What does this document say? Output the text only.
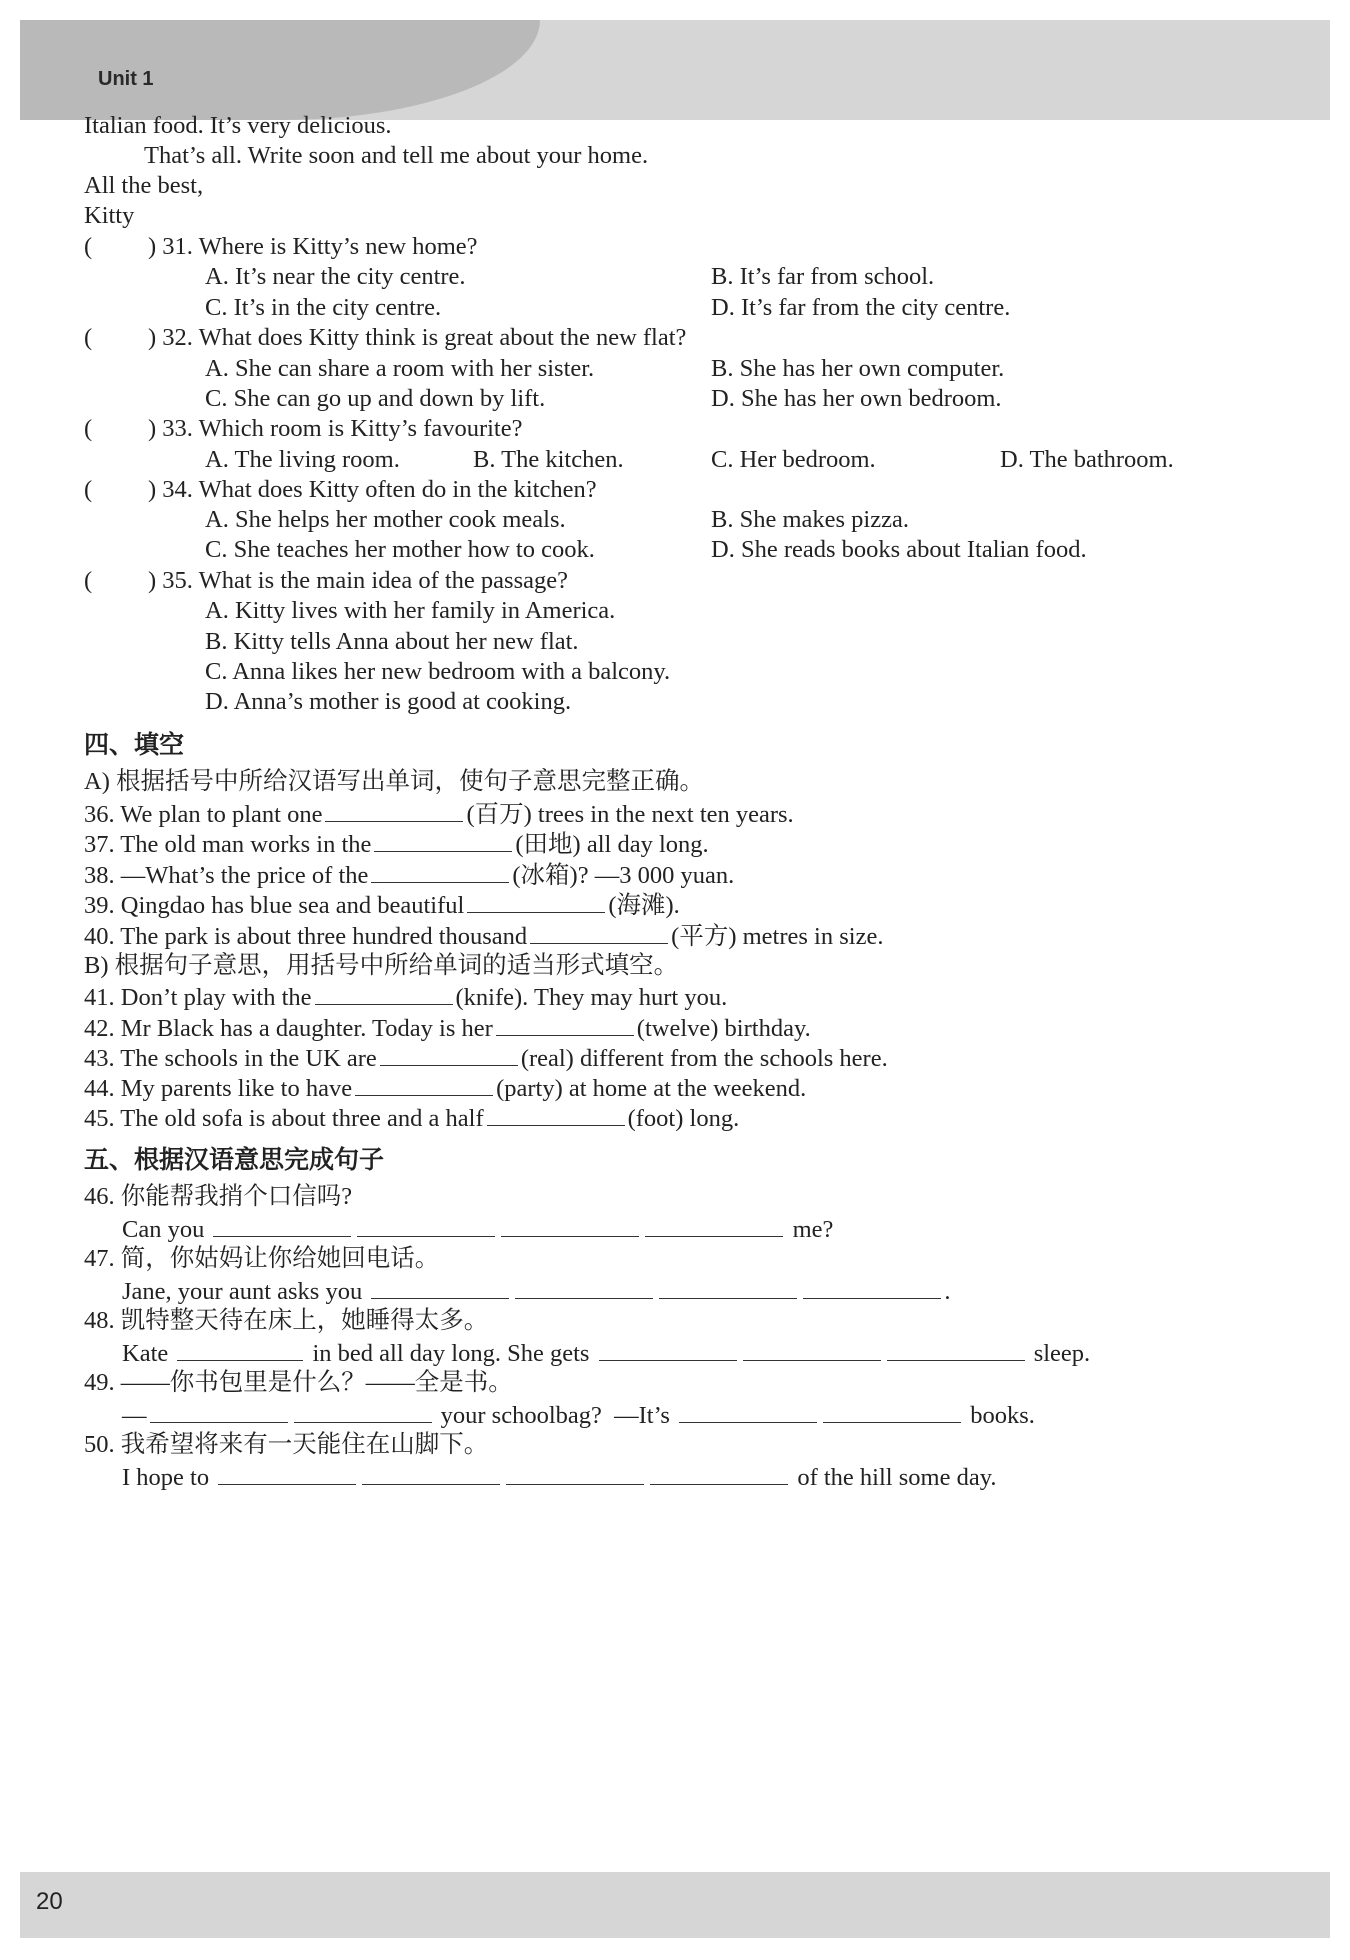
Unit 1
20
Italian food. It’s very delicious.
That’s all. Write soon and tell me about your home.
All the best,
Kitty
( ) 31. Where is Kitty’s new home?
A. It’s near the city centre.	B. It’s far from school.
C. It’s in the city centre.	D. It’s far from the city centre.
( ) 32. What does Kitty think is great about the new flat?
A. She can share a room with her sister.	B. She has her own computer.
C. She can go up and down by lift.	D. She has her own bedroom.
( ) 33. Which room is Kitty’s favourite?
A. The living room.	B. The kitchen.	C. Her bedroom.	D. The bathroom.
( ) 34. What does Kitty often do in the kitchen?
A. She helps her mother cook meals.	B. She makes pizza.
C. She teaches her mother how to cook.	D. She reads books about Italian food.
( ) 35. What is the main idea of the passage?
A. Kitty lives with her family in America.
B. Kitty tells Anna about her new flat.
C. Anna likes her new bedroom with a balcony.
D. Anna’s mother is good at cooking.
四、填空
A) 根据括号中所给汉语写出单词，使句子意思完整正确。
36. We plan to plant one	(百万) trees in the next ten years.
37. The old man works in the	(田地) all day long.
38. —What’s the price of the	(冰箱)? —3 000 yuan.
39. Qingdao has blue sea and beautiful	(海滩).
40. The park is about three hundred thousand	(平方) metres in size.
B) 根据句子意思，用括号中所给单词的适当形式填空。
41. Don’t play with the	(knife). They may hurt you.
42. Mr Black has a daughter. Today is her	(twelve) birthday.
43. The schools in the UK are	(real) different from the schools here.
44. My parents like to have	(party) at home at the weekend.
45. The old sofa is about three and a half	(foot) long.
五、根据汉语意思完成句子
46. 你能帮我捎个口信吗?
Can you	me?
47. 简，你姑妈让你给她回电话。
Jane, your aunt asks you	.
48. 凯特整天待在床上，她睡得太多。
Kate	in bed all day long. She gets	sleep.
49. ——你书包里是什么？——全是书。
—	your schoolbag? —It’s	books.
50. 我希望将来有一天能住在山脚下。
I hope to	of the hill some day.
